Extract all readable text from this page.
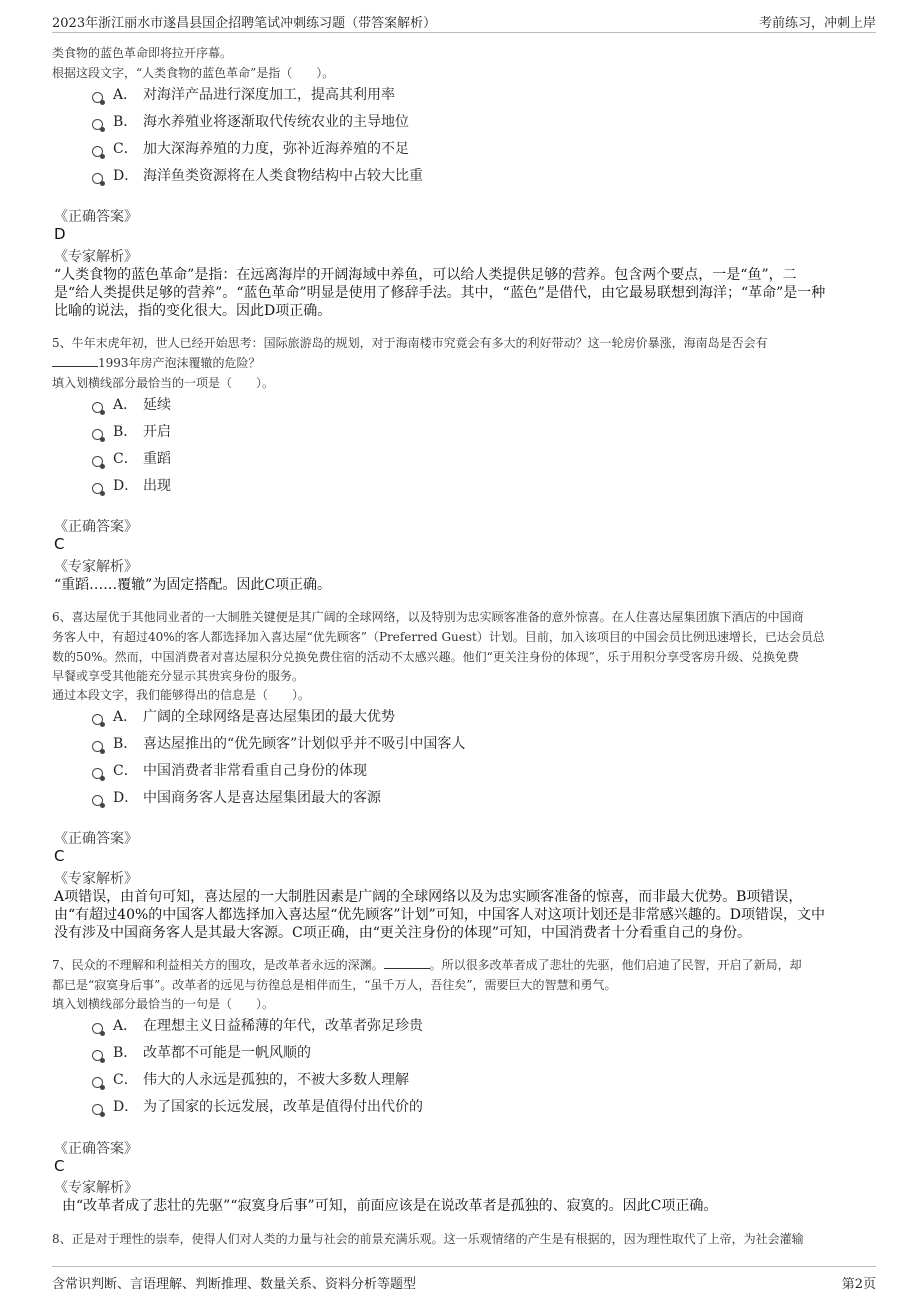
2023年浙江丽水市遂昌县国企招聘笔试冲刺练习题（带答案解析）	考前练习，冲刺上岸
类食物的蓝色革命即将拉开序幕。
根据这段文字，“人类食物的蓝色革命”是指（　　）。
A． 对海洋产品进行深度加工，提高其利用率
B． 海水养殖业将逐渐取代传统农业的主导地位
C． 加大深海养殖的力度，弥补近海养殖的不足
D． 海洋鱼类资源将在人类食物结构中占较大比重
《正确答案》
D
《专家解析》
“人类食物的蓝色革命”是指：在远离海岸的开阔海域中养鱼，可以给人类提供足够的营养。包含两个要点，一是“鱼”，二
是“给人类提供足够的营养”。“蓝色革命”明显是使用了修辞手法。其中，“蓝色”是借代，由它最易联想到海洋；“革命”是一种
比喻的说法，指的变化很大。因此D项正确。
5、牛年末虎年初，世人已经开始思考：国际旅游岛的规划，对于海南楼市究竟会有多大的利好带动？这一轮房价暴涨，海南岛是否会有
1993年房产泡沫覆辙的危险？
填入划横线部分最恰当的一项是（　　）。
A． 延续
B． 开启
C． 重蹈
D． 出现
《正确答案》
C
《专家解析》
“重蹈……覆辙”为固定搭配。因此C项正确。
6、喜达屋优于其他同业者的一大制胜关键便是其广阔的全球网络，以及特别为忠实顾客准备的意外惊喜。在人住喜达屋集团旗下酒店的中国商
务客人中，有超过40%的客人都选择加入喜达屋“优先顾客”（Preferred Guest）计划。目前，加入该项目的中国会员比例迅速增长，已达会员总
数的50%。然而，中国消费者对喜达屋积分兑换免费住宿的活动不太感兴趣。他们“更关注身份的体现”，乐于用积分享受客房升级、兑换免费
早餐或享受其他能充分显示其贵宾身份的服务。
通过本段文字，我们能够得出的信息是（　　）。
A． 广阔的全球网络是喜达屋集团的最大优势
B． 喜达屋推出的“优先顾客”计划似乎并不吸引中国客人
C． 中国消费者非常看重自己身份的体现
D． 中国商务客人是喜达屋集团最大的客源
《正确答案》
C
《专家解析》
A项错误，由首句可知，喜达屋的一大制胜因素是广阔的全球网络以及为忠实顾客准备的惊喜，而非最大优势。B项错误，
由“有超过40%的中国客人都选择加入喜达屋“优先顾客”计划”可知，中国客人对这项计划还是非常感兴趣的。D项错误，文中
没有涉及中国商务客人是其最大客源。C项正确，由“更关注身份的体现”可知，中国消费者十分看重自己的身份。
7、民众的不理解和利益相关方的围攻，是改革者永远的深渊。	。所以很多改革者成了悲壮的先驱，他们启迪了民智，开启了新局，却
都已是“寂寞身后事”。改革者的远见与彷徨总是相伴而生，“虽千万人，吾往矣”，需要巨大的智慧和勇气。
填入划横线部分最恰当的一句是（　　）。
A． 在理想主义日益稀薄的年代，改革者弥足珍贵
B． 改革都不可能是一帆风顺的
C． 伟大的人永远是孤独的，不被大多数人理解
D． 为了国家的长远发展，改革是值得付出代价的
《正确答案》
C
《专家解析》
由“改革者成了悲壮的先驱”“寂寞身后事”可知，前面应该是在说改革者是孤独的、寂寞的。因此C项正确。
8、正是对于理性的崇奉，使得人们对人类的力量与社会的前景充满乐观。这一乐观情绪的产生是有根据的，因为理性取代了上帝，为社会灌输
含常识判断、言语理解、判断推理、数量关系、资料分析等题型	第2页
